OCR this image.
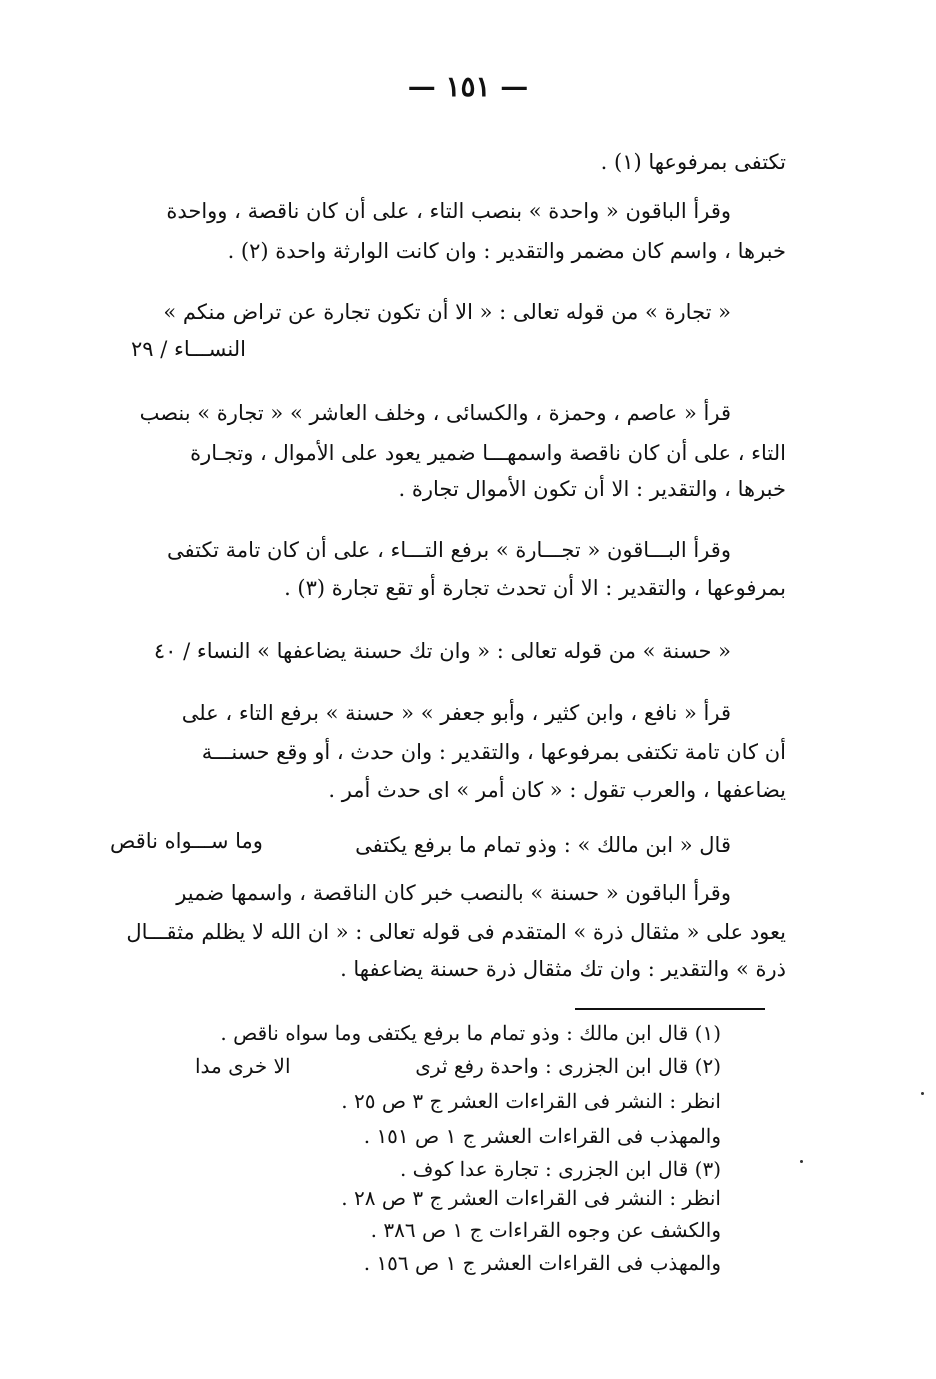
— ١٥١ —
تكتفى بمرفوعها (١) .
وقرأ الباقون « واحدة » بنصب التاء ، على أن كان ناقصة ، وواحدة
خبرها ، واسم كان مضمر والتقدير : وان كانت الوارثة واحدة (٢) .
« تجارة » من قوله تعالى : « الا أن تكون تجارة عن تراض منكم »
النســـاء / ٢٩
قرأ « عاصم ، وحمزة ، والكسائى ، وخلف العاشر » « تجارة » بنصب
التاء ، على أن كان ناقصة واسمهـــا ضمير يعود على الأموال ، وتجـارة
خبرها ، والتقدير : الا أن تكون الأموال تجارة .
وقرأ البـــاقون « تجـــارة » برفع التـــاء ، على أن كان تامة تكتفى
بمرفوعها ، والتقدير : الا أن تحدث تجارة أو تقع تجارة (٣) .
« حسنة » من قوله تعالى : « وان تك حسنة يضاعفها » النساء / ٤٠
قرأ « نافع ، وابن كثير ، وأبو جعفر » « حسنة » برفع التاء ، على
أن كان تامة تكتفى بمرفوعها ، والتقدير : وان حدث ، أو وقع حسنـــة
يضاعفها ، والعرب تقول : « كان أمر » اى حدث أمر .
قال « ابن مالك » : وذو تمام ما برفع يكتفى
وما ســـواه ناقص
وقرأ الباقون « حسنة » بالنصب خبر كان الناقصة ، واسمها ضمير
يعود على « مثقال ذرة » المتقدم فى قوله تعالى : « ان الله لا يظلم مثقـــال
ذرة » والتقدير : وان تك مثقال ذرة حسنة يضاعفها .
(١) قال ابن مالك : وذو تمام ما برفع يكتفى وما سواه ناقص .
(٢) قال ابن الجزرى : واحدة رفع ثرى
الا خرى مدا
انظر : النشر فى القراءات العشر ج ٣ ص ٢٥ .
والمهذب فى القراءات العشر ج ١ ص ١٥١ .
(٣) قال ابن الجزرى : تجارة عدا كوف .
انظر : النشر فى القراءات العشر ج ٣ ص ٢٨ .
والكشف عن وجوه القراءات ج ١ ص ٣٨٦ .
والمهذب فى القراءات العشر ج ١ ص ١٥٦ .
